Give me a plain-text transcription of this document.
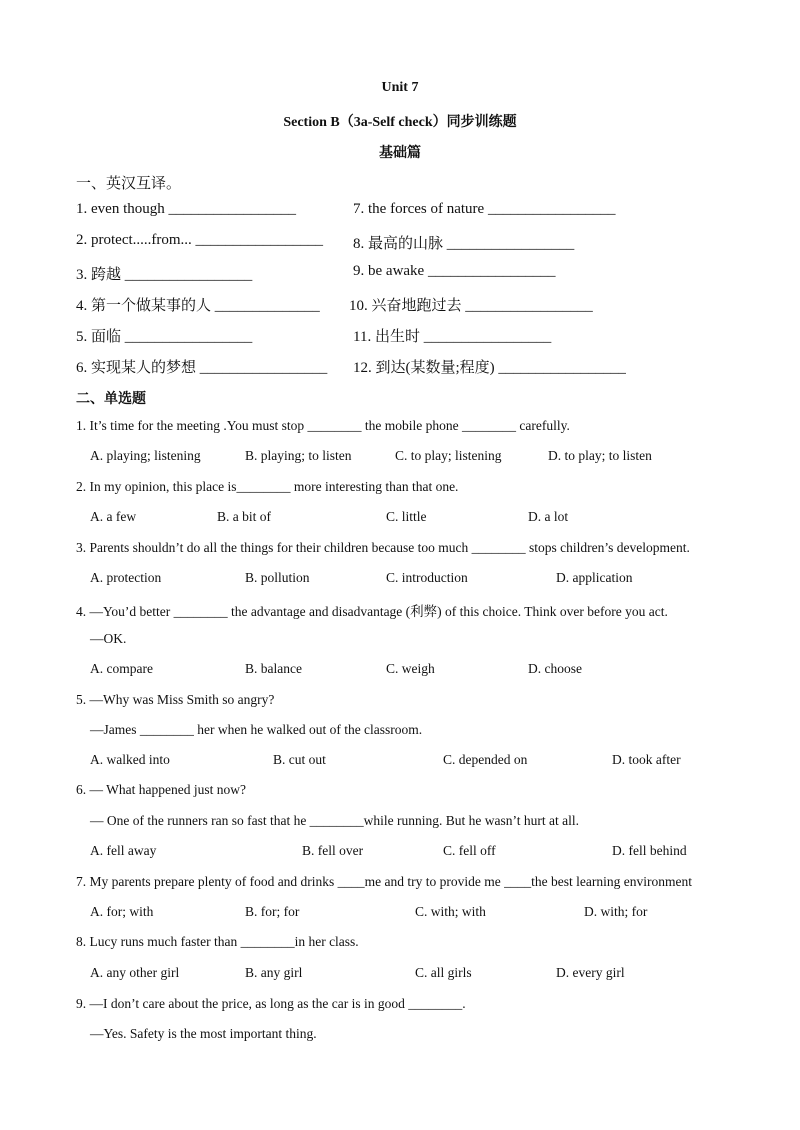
Unit 7
Section B（3a-Self check）同步训练题
基础篇
一、英汉互译。
1. even though _________________	7. the forces of nature _________________
2. protect.....from... _________________ 8. 最高的山脉 _________________
3. 跨越 _________________	9. be awake _________________
4. 第一个做某事的人 ______________ 10. 兴奋地跑过去 _________________
5. 面临 _________________	11. 出生时 _________________
6. 实现某人的梦想 _________________ 12. 到达(某数量;程度) _________________
二、单选题
1. It’s time for the meeting .You must stop ________ the mobile phone ________ carefully.
A. playing; listening	B. playing; to listen	C. to play; listening	D. to play; to listen
2. In my opinion, this place is________ more interesting than that one.
A. a few	B. a bit of	C. little	D. a lot
3. Parents shouldn’t do all the things for their children because too much ________ stops children’s development.
A. protection	B. pollution	C. introduction	D. application
4. —You’d better ________ the advantage and disadvantage (利弊) of this choice. Think over before you act.
—OK.
A. compare	B. balance	C. weigh	D. choose
5. —Why was Miss Smith so angry?
—James ________ her when he walked out of the classroom.
A. walked into	B. cut out	C. depended on	D. took after
6. — What happened just now?
— One of the runners ran so fast that he ________while running. But he wasn’t hurt at all.
A. fell away	B. fell over	C. fell off	D. fell behind
7. My parents prepare plenty of food and drinks ____me and try to provide me ____the best learning environment
A. for; with	B. for; for	C. with; with	D. with; for
8. Lucy runs much faster than ________in her class.
A. any other girl	B. any girl	C. all girls	D. every girl
9. —I don’t care about the price, as long as the car is in good ________.
—Yes. Safety is the most important thing.
